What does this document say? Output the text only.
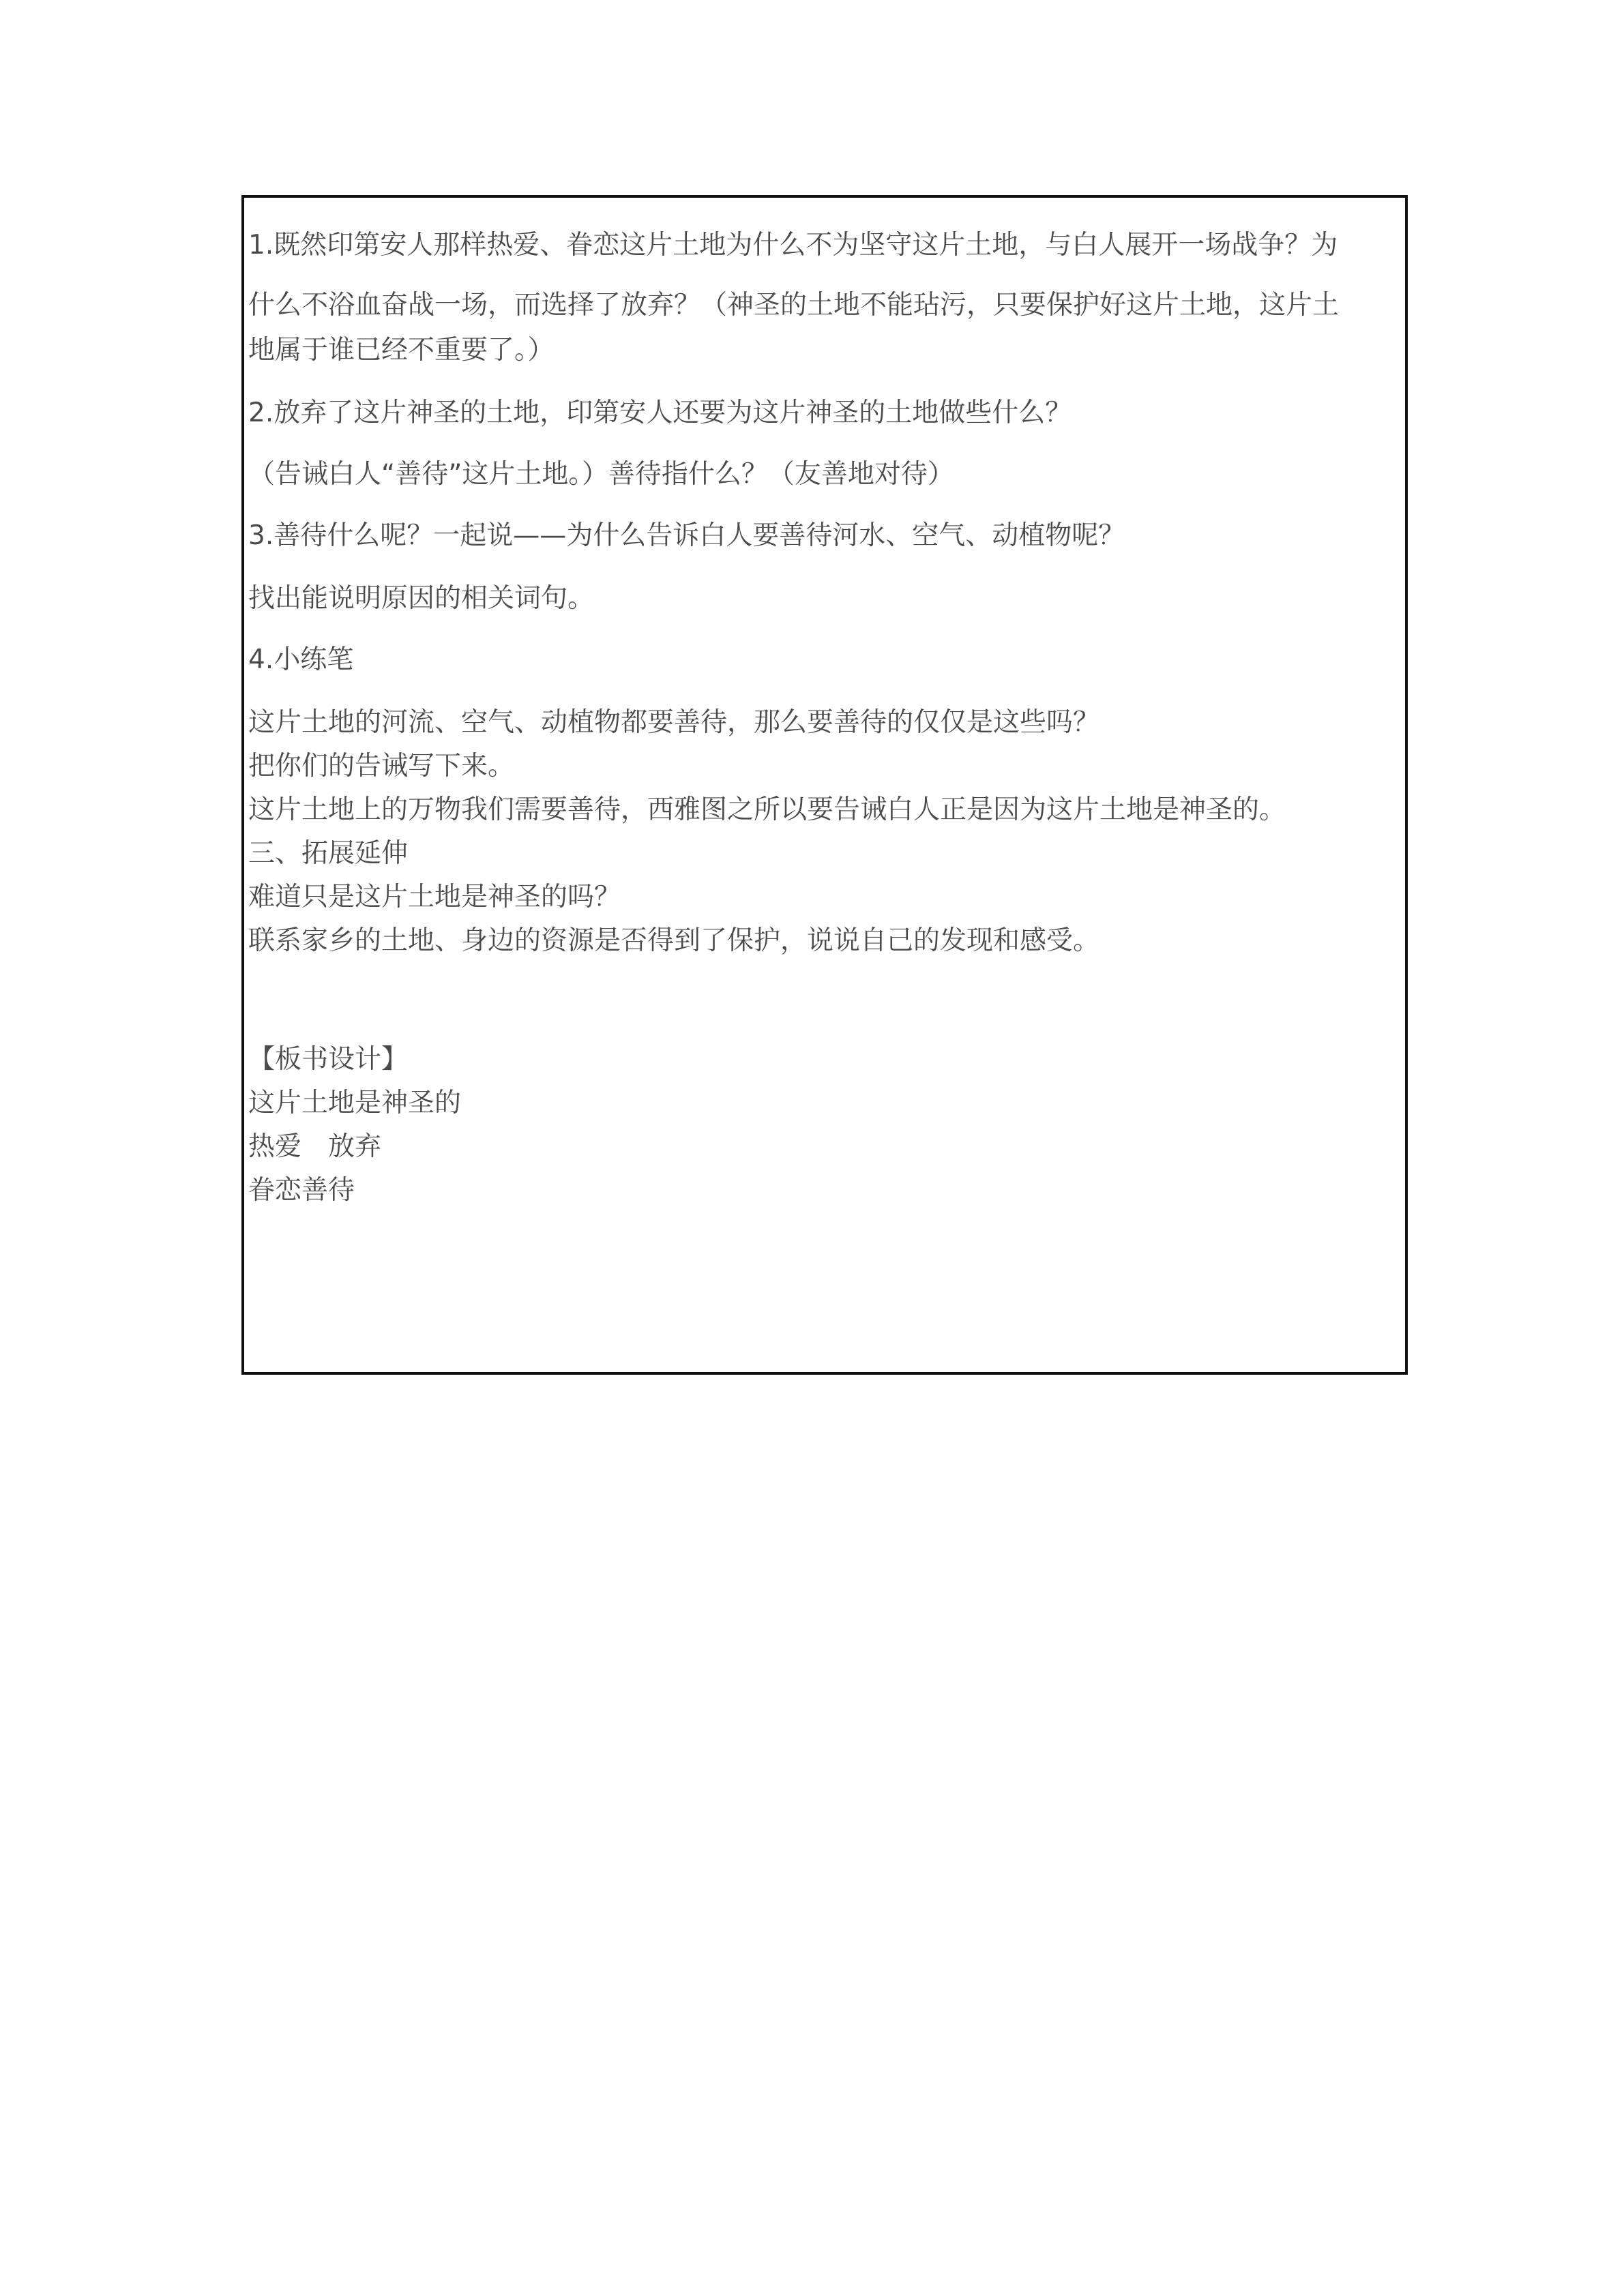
1.既然印第安人那样热爱、眷恋这片土地为什么不为坚守这片土地，与白人展开一场战争？为
什么不浴血奋战一场，而选择了放弃？（神圣的土地不能玷污，只要保护好这片土地，这片土
地属于谁已经不重要了。）
2.放弃了这片神圣的土地，印第安人还要为这片神圣的土地做些什么？
（告诫白人“善待”这片土地。）善待指什么？（友善地对待）
3.善待什么呢？一起说——为什么告诉白人要善待河水、空气、动植物呢？
找出能说明原因的相关词句。
4.小练笔
这片土地的河流、空气、动植物都要善待，那么要善待的仅仅是这些吗？
把你们的告诫写下来。
这片土地上的万物我们需要善待，西雅图之所以要告诫白人正是因为这片土地是神圣的。
三、拓展延伸
难道只是这片土地是神圣的吗？
联系家乡的土地、身边的资源是否得到了保护，说说自己的发现和感受。
【板书设计】
这片土地是神圣的
热爱　放弃
眷恋善待
